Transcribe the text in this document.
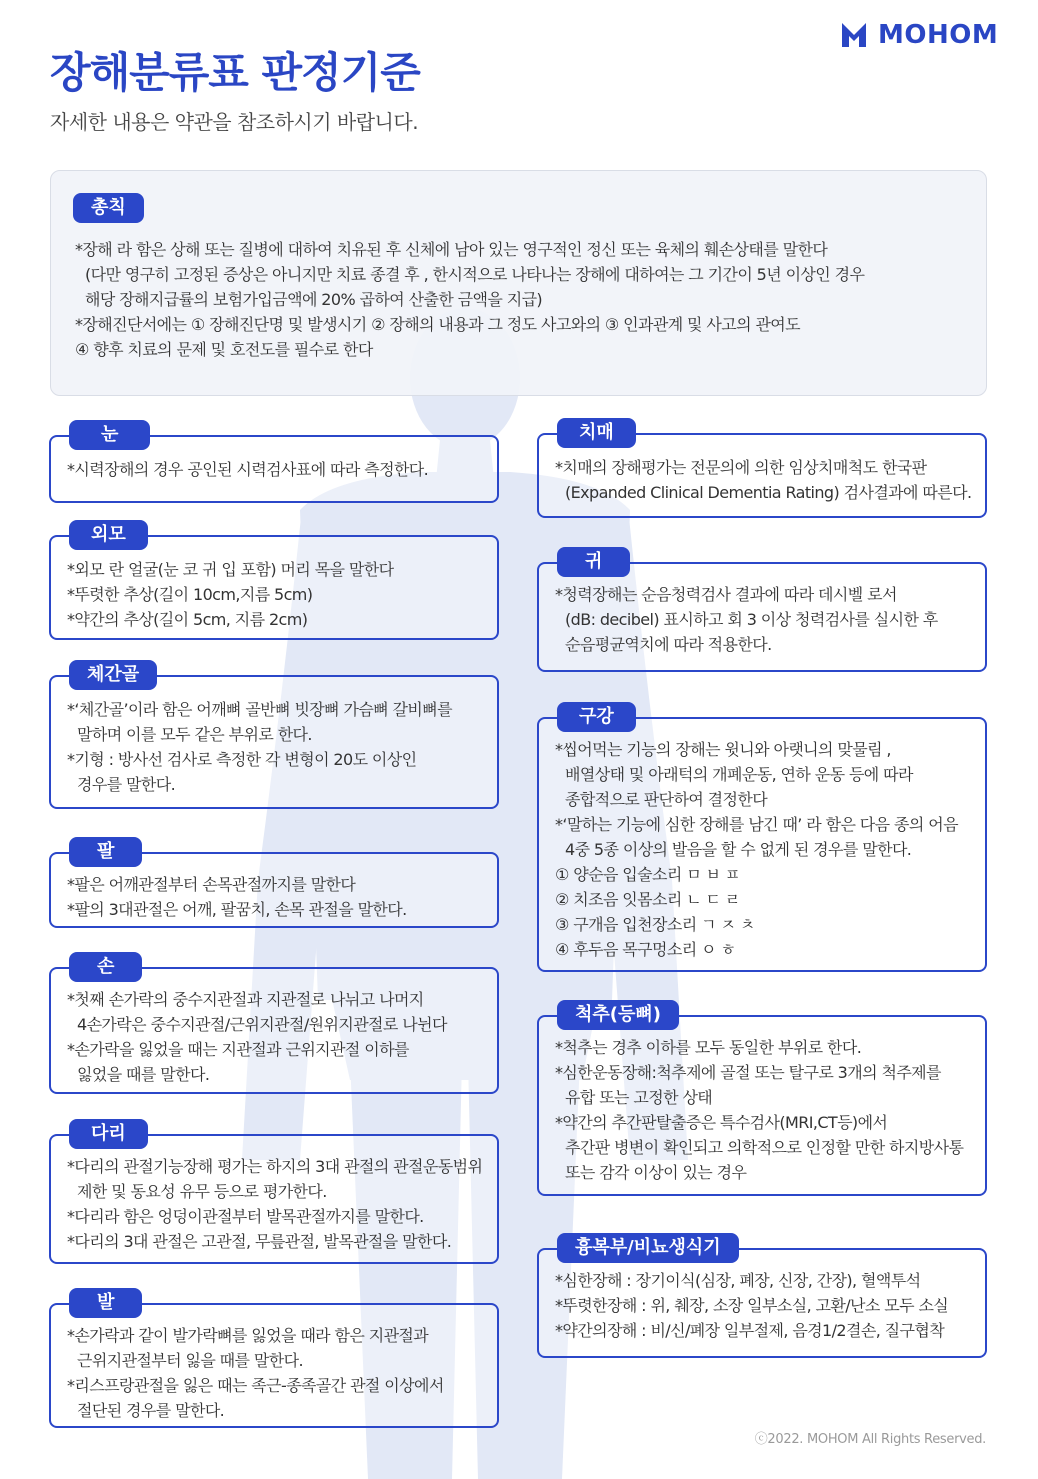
MOHOM
장해분류표 판정기준

자세한 내용은 약관을 참조하시기 바랍니다.

총칙
*장해 라 함은 상해 또는 질병에 대하여 치유된 후 신체에 남아 있는 영구적인 정신 또는 육체의 훼손상태를 말한다
(다만 영구히 고정된 증상은 아니지만 치료 종결 후 , 한시적으로 나타나는 장해에 대하여는 그 기간이 5년 이상인 경우
해당 장해지급률의 보험가입금액에 20% 곱하여 산출한 금액을 지급)
*장해진단서에는 ① 장해진단명 및 발생시기 ② 장해의 내용과 그 정도 사고와의 ③ 인과관계 및 사고의 관여도
④ 향후 치료의 문제 및 호전도를 필수로 한다
눈
*시력장해의 경우 공인된 시력검사표에 따라 측정한다.
외모
*외모 란 얼굴(눈 코 귀 입 포함) 머리 목을 말한다
*뚜렷한 추상(길이 10cm,지름 5cm)
*약간의 추상(길이 5cm, 지름 2cm)
체간골
*‘체간골’이라 함은 어깨뼈 골반뼈 빗장뼈 가슴뼈 갈비뼈를
말하며 이를 모두 같은 부위로 한다.
*기형 : 방사선 검사로 측정한 각 변형이 20도 이상인
경우를 말한다.
팔
*팔은 어깨관절부터 손목관절까지를 말한다
*팔의 3대관절은 어깨, 팔꿈치, 손목 관절을 말한다.
손
*첫째 손가락의 중수지관절과 지관절로 나뉘고 나머지
4손가락은 중수지관절/근위지관절/원위지관절로 나뉜다
*손가락을 잃었을 때는 지관절과 근위지관절 이하를
잃었을 때를 말한다.
다리
*다리의 관절기능장해 평가는 하지의 3대 관절의 관절운동범위
제한 및 동요성 유무 등으로 평가한다.
*다리라 함은 엉덩이관절부터 발목관절까지를 말한다.
*다리의 3대 관절은 고관절, 무릎관절, 발목관절을 말한다.
발
*손가락과 같이 발가락뼈를 잃었을 때라 함은 지관절과
근위지관절부터 잃을 때를 말한다.
*리스프랑관절을 잃은 때는 족근-종족골간 관절 이상에서
절단된 경우를 말한다.
치매
*치매의 장해평가는 전문의에 의한 임상치매척도 한국판
(Expanded Clinical Dementia Rating) 검사결과에 따른다.
귀
*청력장해는 순음청력검사 결과에 따라 데시벨 로서
(dB: decibel) 표시하고 회 3 이상 청력검사를 실시한 후
순음평균역치에 따라 적용한다.
구강
*씹어먹는 기능의 장해는 윗니와 아랫니의 맞물림 ,
배열상태 및 아래턱의 개폐운동, 연하 운동 등에 따라
종합적으로 판단하여 결정한다
*‘말하는 기능에 심한 장해를 남긴 때’ 라 함은 다음 종의 어음
4중 5종 이상의 발음을 할 수 없게 된 경우를 말한다.
① 양순음 입술소리 ㅁ ㅂ ㅍ
② 치조음 잇몸소리 ㄴ ㄷ ㄹ
③ 구개음 입천장소리 ㄱ ㅈ ㅊ
④ 후두음 목구멍소리 ㅇ ㅎ
척추(등뼈)
*척추는 경추 이하를 모두 동일한 부위로 한다.
*심한운동장해:척추제에 골절 또는 탈구로 3개의 척주제를
유합 또는 고정한 상태
*약간의 추간판탈출증은 특수검사(MRI,CT등)에서
추간판 병변이 확인되고 의학적으로 인정할 만한 하지방사통
또는 감각 이상이 있는 경우
흉복부/비뇨생식기
*심한장해 : 장기이식(심장, 폐장, 신장, 간장), 혈액투석
*뚜렷한장해 : 위, 췌장, 소장 일부소실, 고환/난소 모두 소실
*약간의장해 : 비/신/폐장 일부절제, 음경1/2결손, 질구협착
ⓒ2022. MOHOM All Rights Reserved.
